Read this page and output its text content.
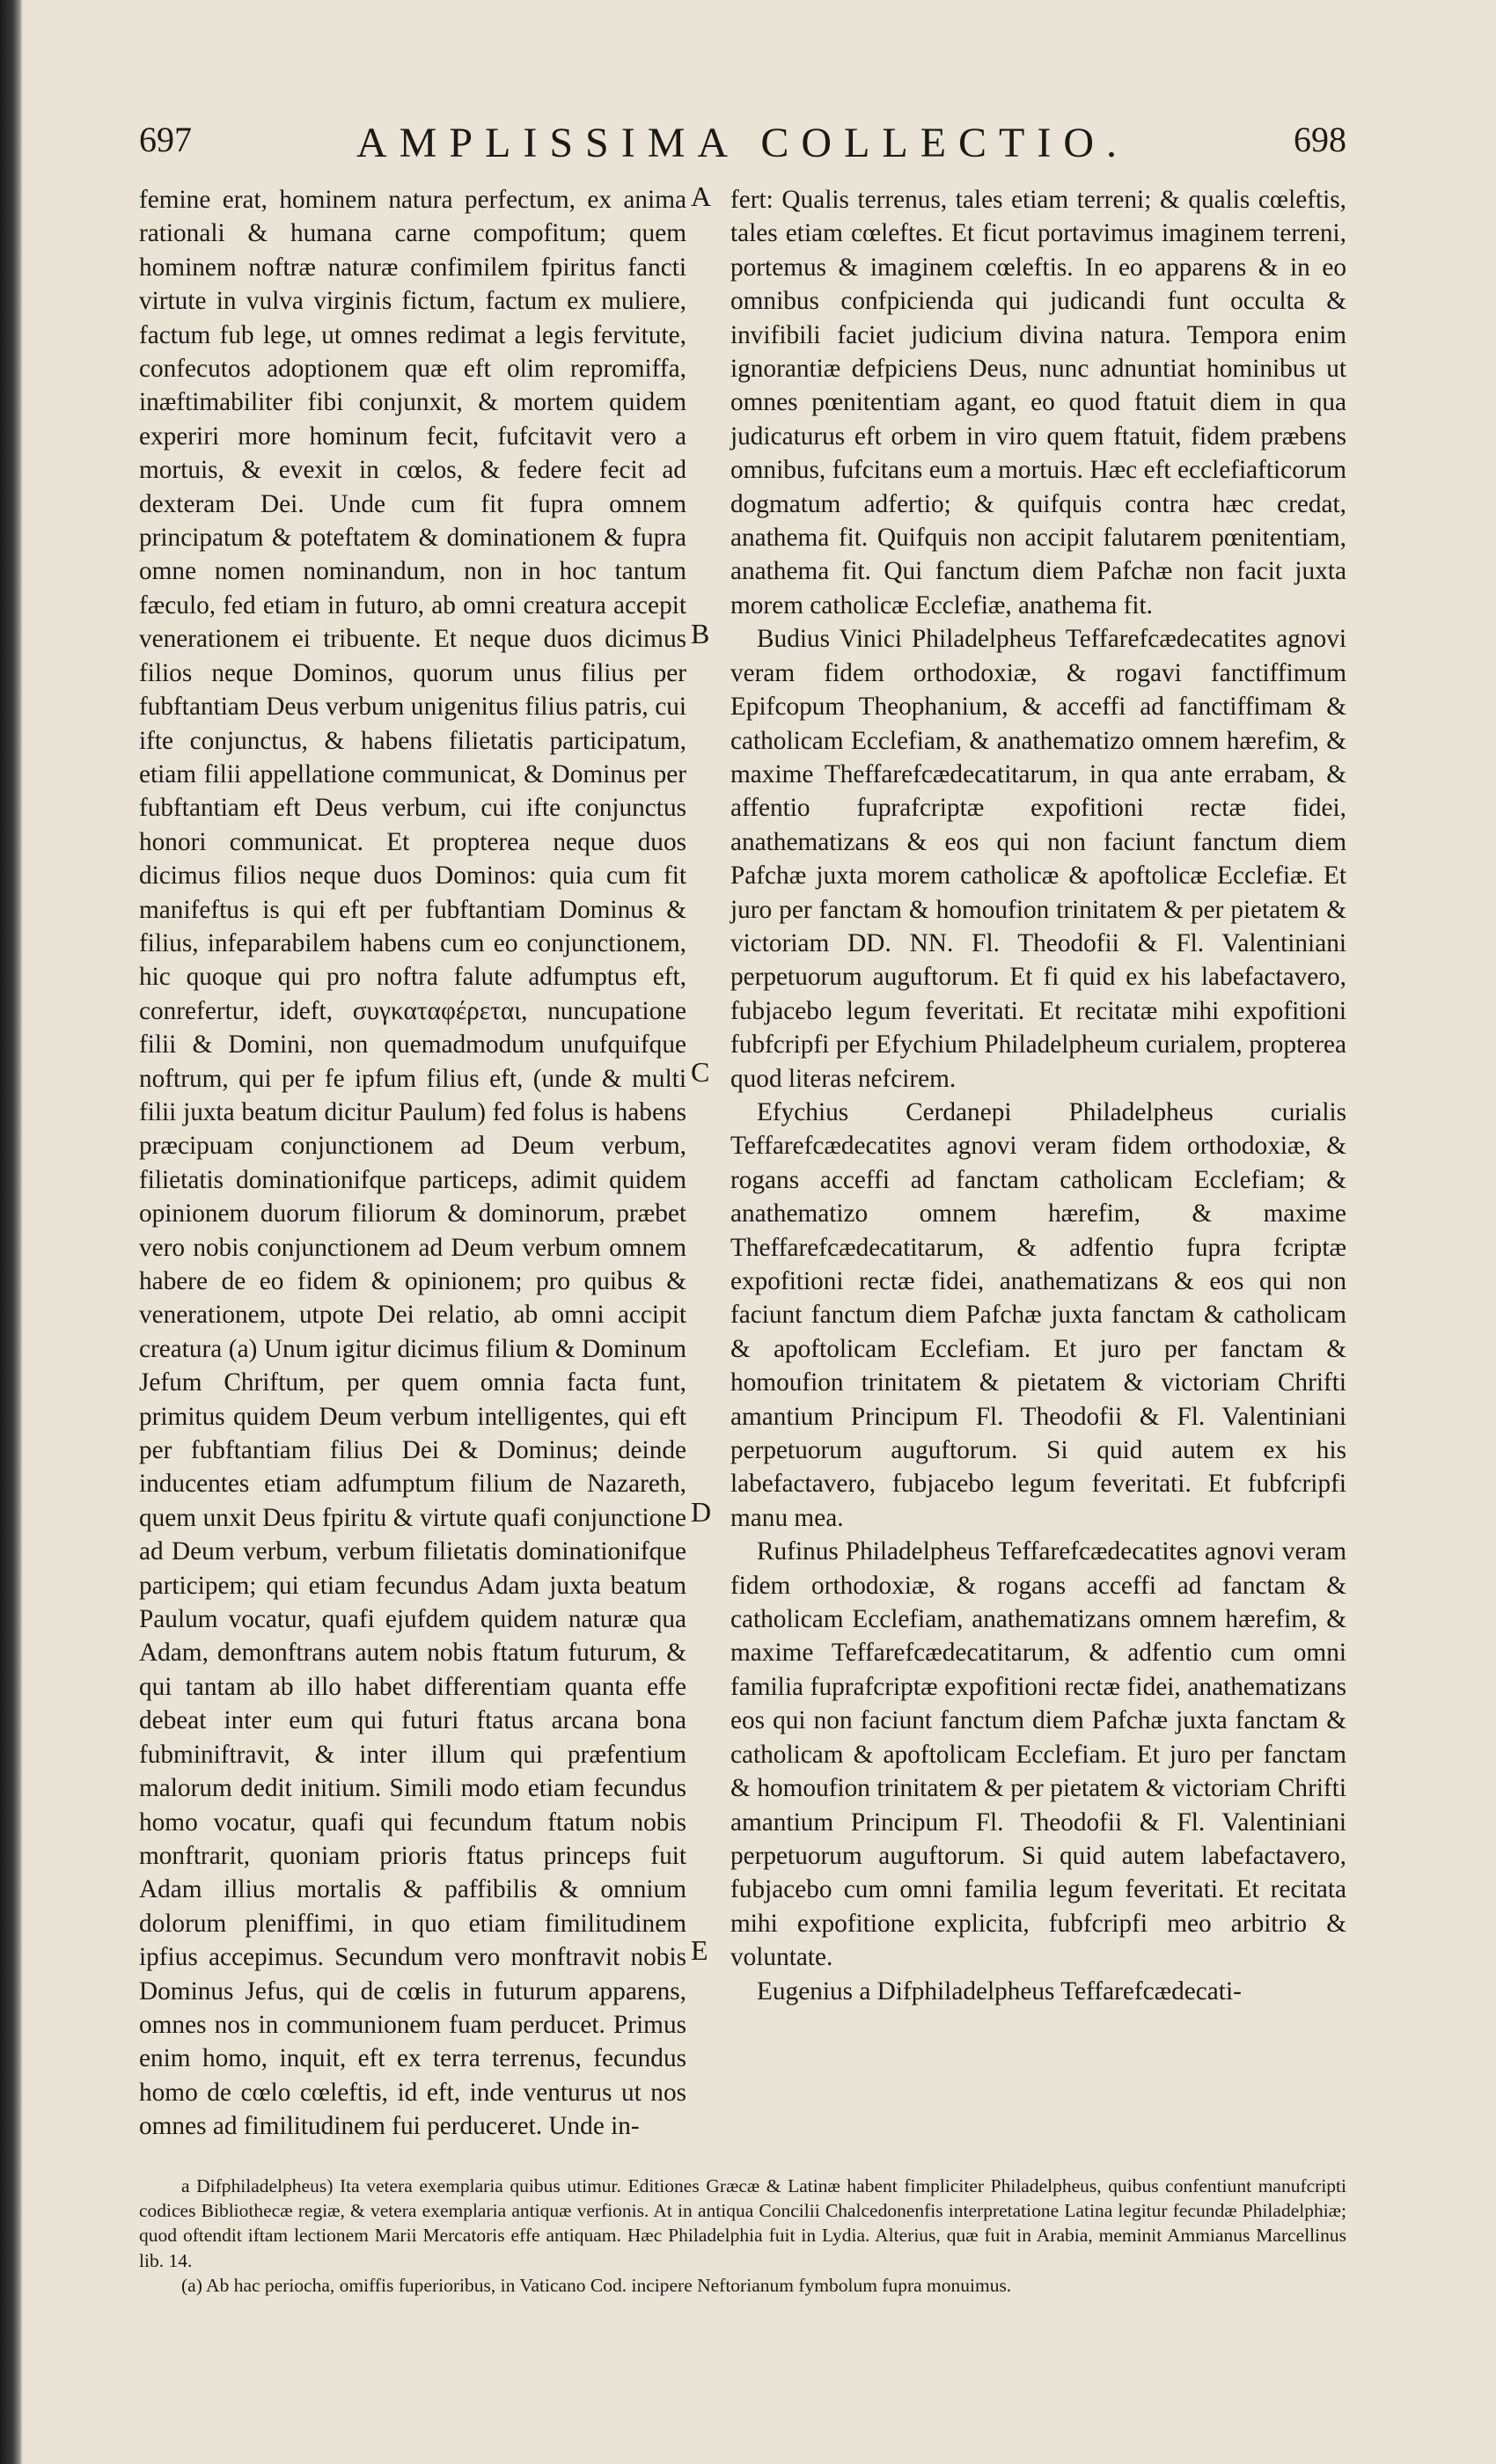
697	AMPLISSIMA COLLECTIO.	698

femine erat, hominem natura perfectum, ex anima rationali & humana carne compofitum; quem hominem noftræ naturæ confimilem fpiritus fancti virtute in vulva virginis fictum, factum ex muliere, factum fub lege, ut omnes redimat a legis fervitute, confecutos adoptionem quæ eft olim repromiffa, inæftimabiliter fibi conjunxit, & mortem quidem experiri more hominum fecit, fufcitavit vero a mortuis, & evexit in cœlos, & federe fecit ad dexteram Dei. Unde cum fit fupra omnem principatum & poteftatem & dominationem & fupra omne nomen nominandum, non in hoc tantum fæculo, fed etiam in futuro, ab omni creatura accepit venerationem ei tribuente. Et neque duos dicimus filios neque Dominos, quorum unus filius per fubftantiam Deus verbum unigenitus filius patris, cui ifte conjunctus, & habens filietatis participatum, etiam filii appellatione communicat, & Dominus per fubftantiam eft Deus verbum, cui ifte conjunctus honori communicat. Et propterea neque duos dicimus filios neque duos Dominos: quia cum fit manifeftus is qui eft per fubftantiam Dominus & filius, infeparabilem habens cum eo conjunctionem, hic quoque qui pro noftra falute adfumptus eft, conrefertur, ideft, συγκαταφέρεται, nuncupatione filii & Domini, non quemadmodum unufquifque noftrum, qui per fe ipfum filius eft, (unde & multi filii juxta beatum dicitur Paulum) fed folus is habens præcipuam conjunctionem ad Deum verbum, filietatis dominationifque particeps, adimit quidem opinionem duorum filiorum & dominorum, præbet vero nobis conjunctionem ad Deum verbum omnem habere de eo fidem & opinionem; pro quibus & venerationem, utpote Dei relatio, ab omni accipit creatura (a) Unum igitur dicimus filium & Dominum Jefum Chriftum, per quem omnia facta funt, primitus quidem Deum verbum intelligentes, qui eft per fubftantiam filius Dei & Dominus; deinde inducentes etiam adfumptum filium de Nazareth, quem unxit Deus fpiritu & virtute quafi conjunctione ad Deum verbum, verbum filietatis dominationifque participem; qui etiam fecundus Adam juxta beatum Paulum vocatur, quafi ejufdem quidem naturæ qua Adam, demonftrans autem nobis ftatum futurum, & qui tantam ab illo habet differentiam quanta effe debeat inter eum qui futuri ftatus arcana bona fubminiftravit, & inter illum qui præfentium malorum dedit initium. Simili modo etiam fecundus homo vocatur, quafi qui fecundum ftatum nobis monftrarit, quoniam prioris ftatus princeps fuit Adam illius mortalis & paffibilis & omnium dolorum pleniffimi, in quo etiam fimilitudinem ipfius accepimus. Secundum vero monftravit nobis Dominus Jefus, qui de cœlis in futurum apparens, omnes nos in communionem fuam perducet. Primus enim homo, inquit, eft ex terra terrenus, fecundus homo de cœlo cœleftis, id eft, inde venturus ut nos omnes ad fimilitudinem fui perduceret. Unde in-

A
B
C
D
E

fert: Qualis terrenus, tales etiam terreni; & qualis cœleftis, tales etiam cœleftes. Et ficut portavimus imaginem terreni, portemus & imaginem cœleftis. In eo apparens & in eo omnibus confpicienda qui judicandi funt occulta & invifibili faciet judicium divina natura. Tempora enim ignorantiæ defpiciens Deus, nunc adnuntiat hominibus ut omnes pœnitentiam agant, eo quod ftatuit diem in qua judicaturus eft orbem in viro quem ftatuit, fidem præbens omnibus, fufcitans eum a mortuis. Hæc eft ecclefiafticorum dogmatum adfertio; & quifquis contra hæc credat, anathema fit. Quifquis non accipit falutarem pœnitentiam, anathema fit. Qui fanctum diem Pafchæ non facit juxta morem catholicæ Ecclefiæ, anathema fit.

Budius Vinici Philadelpheus Teffarefcædecatites agnovi veram fidem orthodoxiæ, & rogavi fanctiffimum Epifcopum Theophanium, & acceffi ad fanctiffimam & catholicam Ecclefiam, & anathematizo omnem hærefim, & maxime Theffarefcædecatitarum, in qua ante errabam, & affentio fuprafcriptæ expofitioni rectæ fidei, anathematizans & eos qui non faciunt fanctum diem Pafchæ juxta morem catholicæ & apoftolicæ Ecclefiæ. Et juro per fanctam & homoufion trinitatem & per pietatem & victoriam DD. NN. Fl. Theodofii & Fl. Valentiniani perpetuorum auguftorum. Et fi quid ex his labefactavero, fubjacebo legum feveritati. Et recitatæ mihi expofitioni fubfcripfi per Efychium Philadelpheum curialem, propterea quod literas nefcirem.

Efychius Cerdanepi Philadelpheus curialis Teffarefcædecatites agnovi veram fidem orthodoxiæ, & rogans acceffi ad fanctam catholicam Ecclefiam; & anathematizo omnem hærefim, & maxime Theffarefcædecatitarum, & adfentio fupra fcriptæ expofitioni rectæ fidei, anathematizans & eos qui non faciunt fanctum diem Pafchæ juxta fanctam & catholicam & apoftolicam Ecclefiam. Et juro per fanctam & homoufion trinitatem & pietatem & victoriam Chrifti amantium Principum Fl. Theodofii & Fl. Valentiniani perpetuorum auguftorum. Si quid autem ex his labefactavero, fubjacebo legum feveritati. Et fubfcripfi manu mea.

Rufinus Philadelpheus Teffarefcædecatites agnovi veram fidem orthodoxiæ, & rogans acceffi ad fanctam & catholicam Ecclefiam, anathematizans omnem hærefim, & maxime Teffarefcædecatitarum, & adfentio cum omni familia fuprafcriptæ expofitioni rectæ fidei, anathematizans eos qui non faciunt fanctum diem Pafchæ juxta fanctam & catholicam & apoftolicam Ecclefiam. Et juro per fanctam & homoufion trinitatem & per pietatem & victoriam Chrifti amantium Principum Fl. Theodofii & Fl. Valentiniani perpetuorum auguftorum. Si quid autem labefactavero, fubjacebo cum omni familia legum feveritati. Et recitata mihi expofitione explicita, fubfcripfi meo arbitrio & voluntate.

Eugenius a Difphiladelpheus Teffarefcædecati-

a Difphiladelpheus) Ita vetera exemplaria quibus utimur. Editiones Græcæ & Latinæ habent fimpliciter Philadelpheus, quibus confentiunt manufcripti codices Bibliothecæ regiæ, & vetera exemplaria antiquæ verfionis. At in antiqua Concilii Chalcedonenfis interpretatione Latina legitur fecundæ Philadelphiæ; quod oftendit iftam lectionem Marii Mercatoris effe antiquam. Hæc Philadelphia fuit in Lydia. Alterius, quæ fuit in Arabia, meminit Ammianus Marcellinus lib. 14.

(a) Ab hac periocha, omiffis fuperioribus, in Vaticano Cod. incipere Neftorianum fymbolum fupra monuimus.
